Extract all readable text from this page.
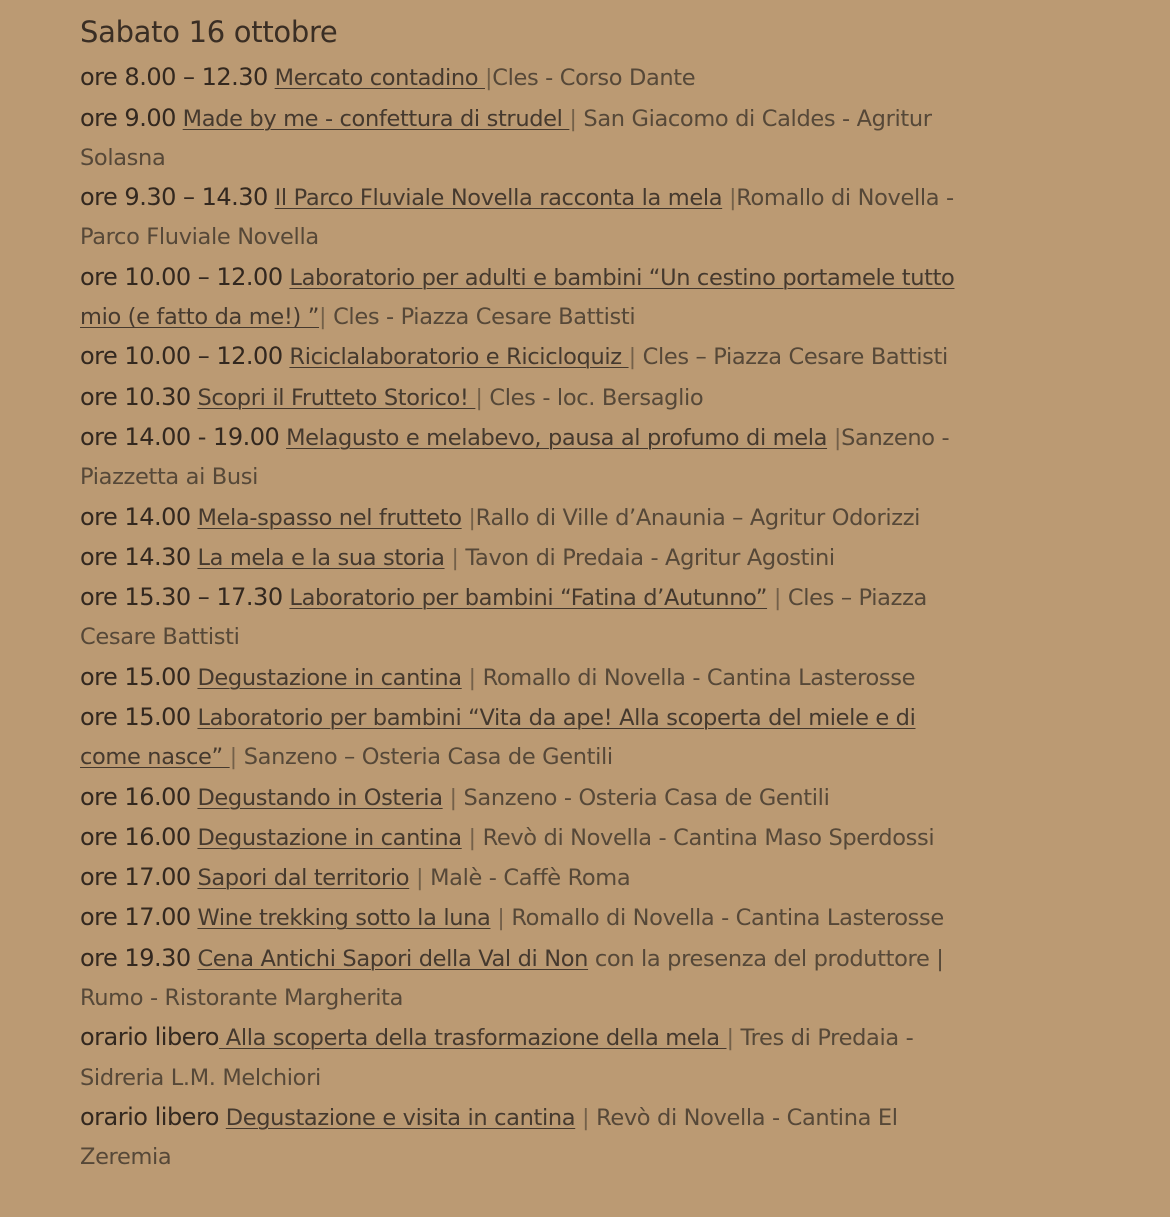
Sabato 16 ottobre
ore 8.00 – 12.30 Mercato contadino |Cles - Corso Dante
ore 9.00 Made by me - confettura di strudel | San Giacomo di Caldes - Agritur Solasna
ore 9.30 – 14.30 Il Parco Fluviale Novella racconta la mela |Romallo di Novella - Parco Fluviale Novella
ore 10.00 – 12.00 Laboratorio per adulti e bambini “Un cestino portamele tutto mio (e fatto da me!) ”| Cles - Piazza Cesare Battisti
ore 10.00 – 12.00 Riciclalaboratorio e Riciclоquiz | Cles – Piazza Cesare Battisti
ore 10.30 Scopri il Frutteto Storico! | Cles - loc. Bersaglio
ore 14.00 - 19.00 Melagusto e melabevo, pausa al profumo di mela |Sanzeno - Piazzetta ai Busi
ore 14.00 Mela-spasso nel frutteto |Rallo di Ville d’Anaunia – Agritur Odorizzi
ore 14.30 La mela e la sua storia | Tavon di Predaia - Agritur Agostini
ore 15.30 – 17.30 Laboratorio per bambini “Fatina d’Autunno” | Cles – Piazza Cesare Battisti
ore 15.00 Degustazione in cantina | Romallo di Novella - Cantina Lasterosse
ore 15.00 Laboratorio per bambini “Vita da ape! Alla scoperta del miele e di come nasce” | Sanzeno – Osteria Casa de Gentili
ore 16.00 Degustando in Osteria | Sanzeno - Osteria Casa de Gentili
ore 16.00 Degustazione in cantina | Revò di Novella - Cantina Maso Sperdossi
ore 17.00 Sapori dal territorio | Malè - Caffè Roma
ore 17.00 Wine trekking sotto la luna | Romallo di Novella - Cantina Lasterosse
ore 19.30 Cena Antichi Sapori della Val di Non con la presenza del produttore | Rumo - Ristorante Margherita
orario libero Alla scoperta della trasformazione della mela | Tres di Predaia - Sidreria L.M. Melchiori
orario libero Degustazione e visita in cantina | Revò di Novella - Cantina El Zeremia
